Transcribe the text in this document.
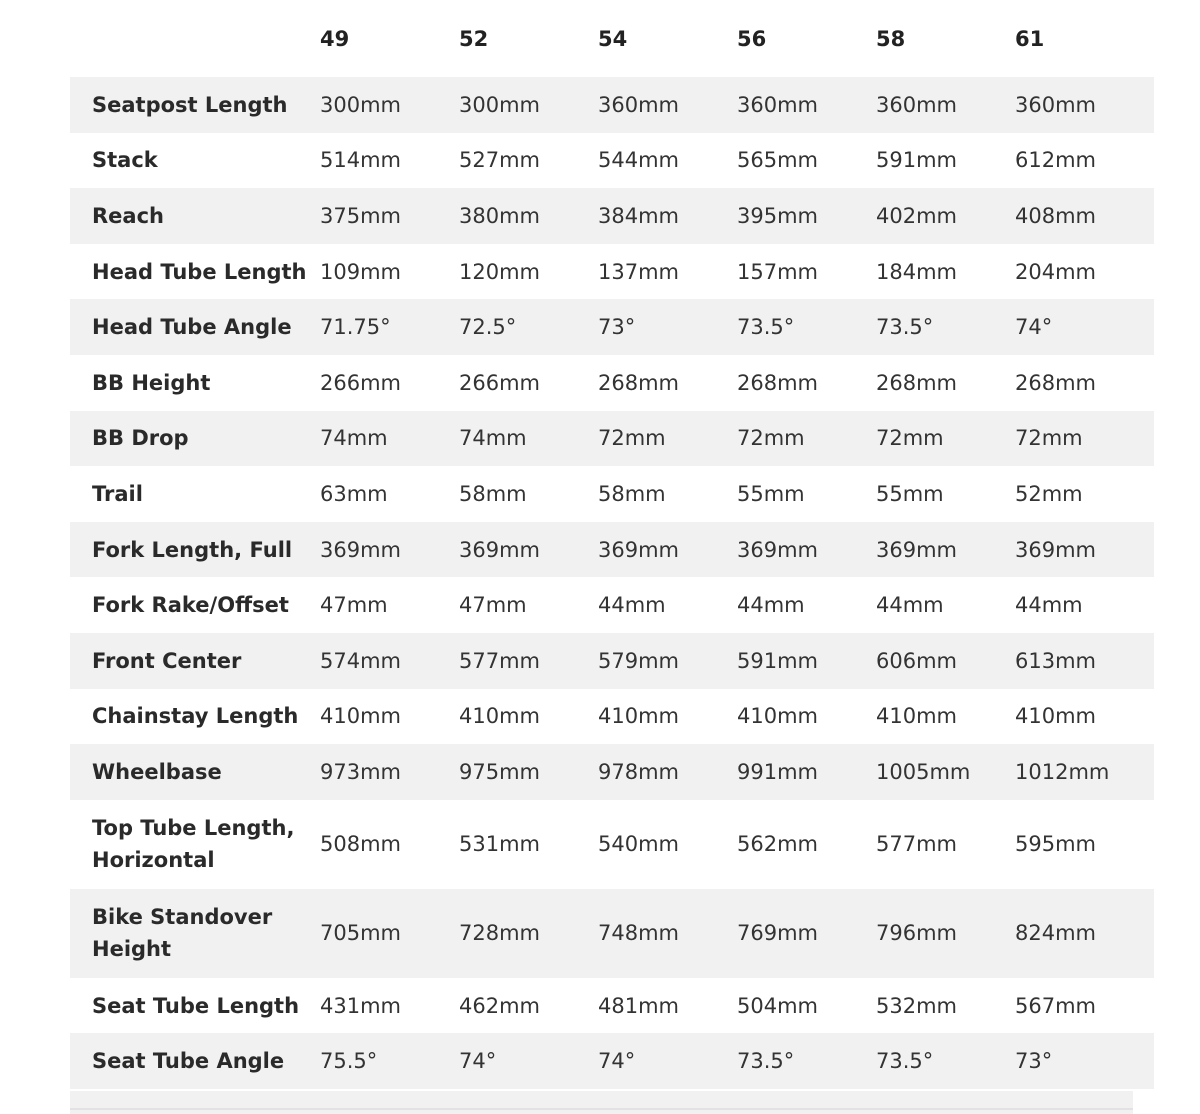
	49	52	54	56	58	61
Seatpost Length	300mm	300mm	360mm	360mm	360mm	360mm
Stack	514mm	527mm	544mm	565mm	591mm	612mm
Reach	375mm	380mm	384mm	395mm	402mm	408mm
Head Tube Length	109mm	120mm	137mm	157mm	184mm	204mm
Head Tube Angle	71.75°	72.5°	73°	73.5°	73.5°	74°
BB Height	266mm	266mm	268mm	268mm	268mm	268mm
BB Drop	74mm	74mm	72mm	72mm	72mm	72mm
Trail	63mm	58mm	58mm	55mm	55mm	52mm
Fork Length, Full	369mm	369mm	369mm	369mm	369mm	369mm
Fork Rake/Offset	47mm	47mm	44mm	44mm	44mm	44mm
Front Center	574mm	577mm	579mm	591mm	606mm	613mm
Chainstay Length	410mm	410mm	410mm	410mm	410mm	410mm
Wheelbase	973mm	975mm	978mm	991mm	1005mm	1012mm

Top Tube Length,
Horizontal	508mm	531mm	540mm	562mm	577mm	595mm

Bike Standover
Height	705mm	728mm	748mm	769mm	796mm	824mm
Seat Tube Length	431mm	462mm	481mm	504mm	532mm	567mm
Seat Tube Angle	75.5°	74°	74°	73.5°	73.5°	73°
